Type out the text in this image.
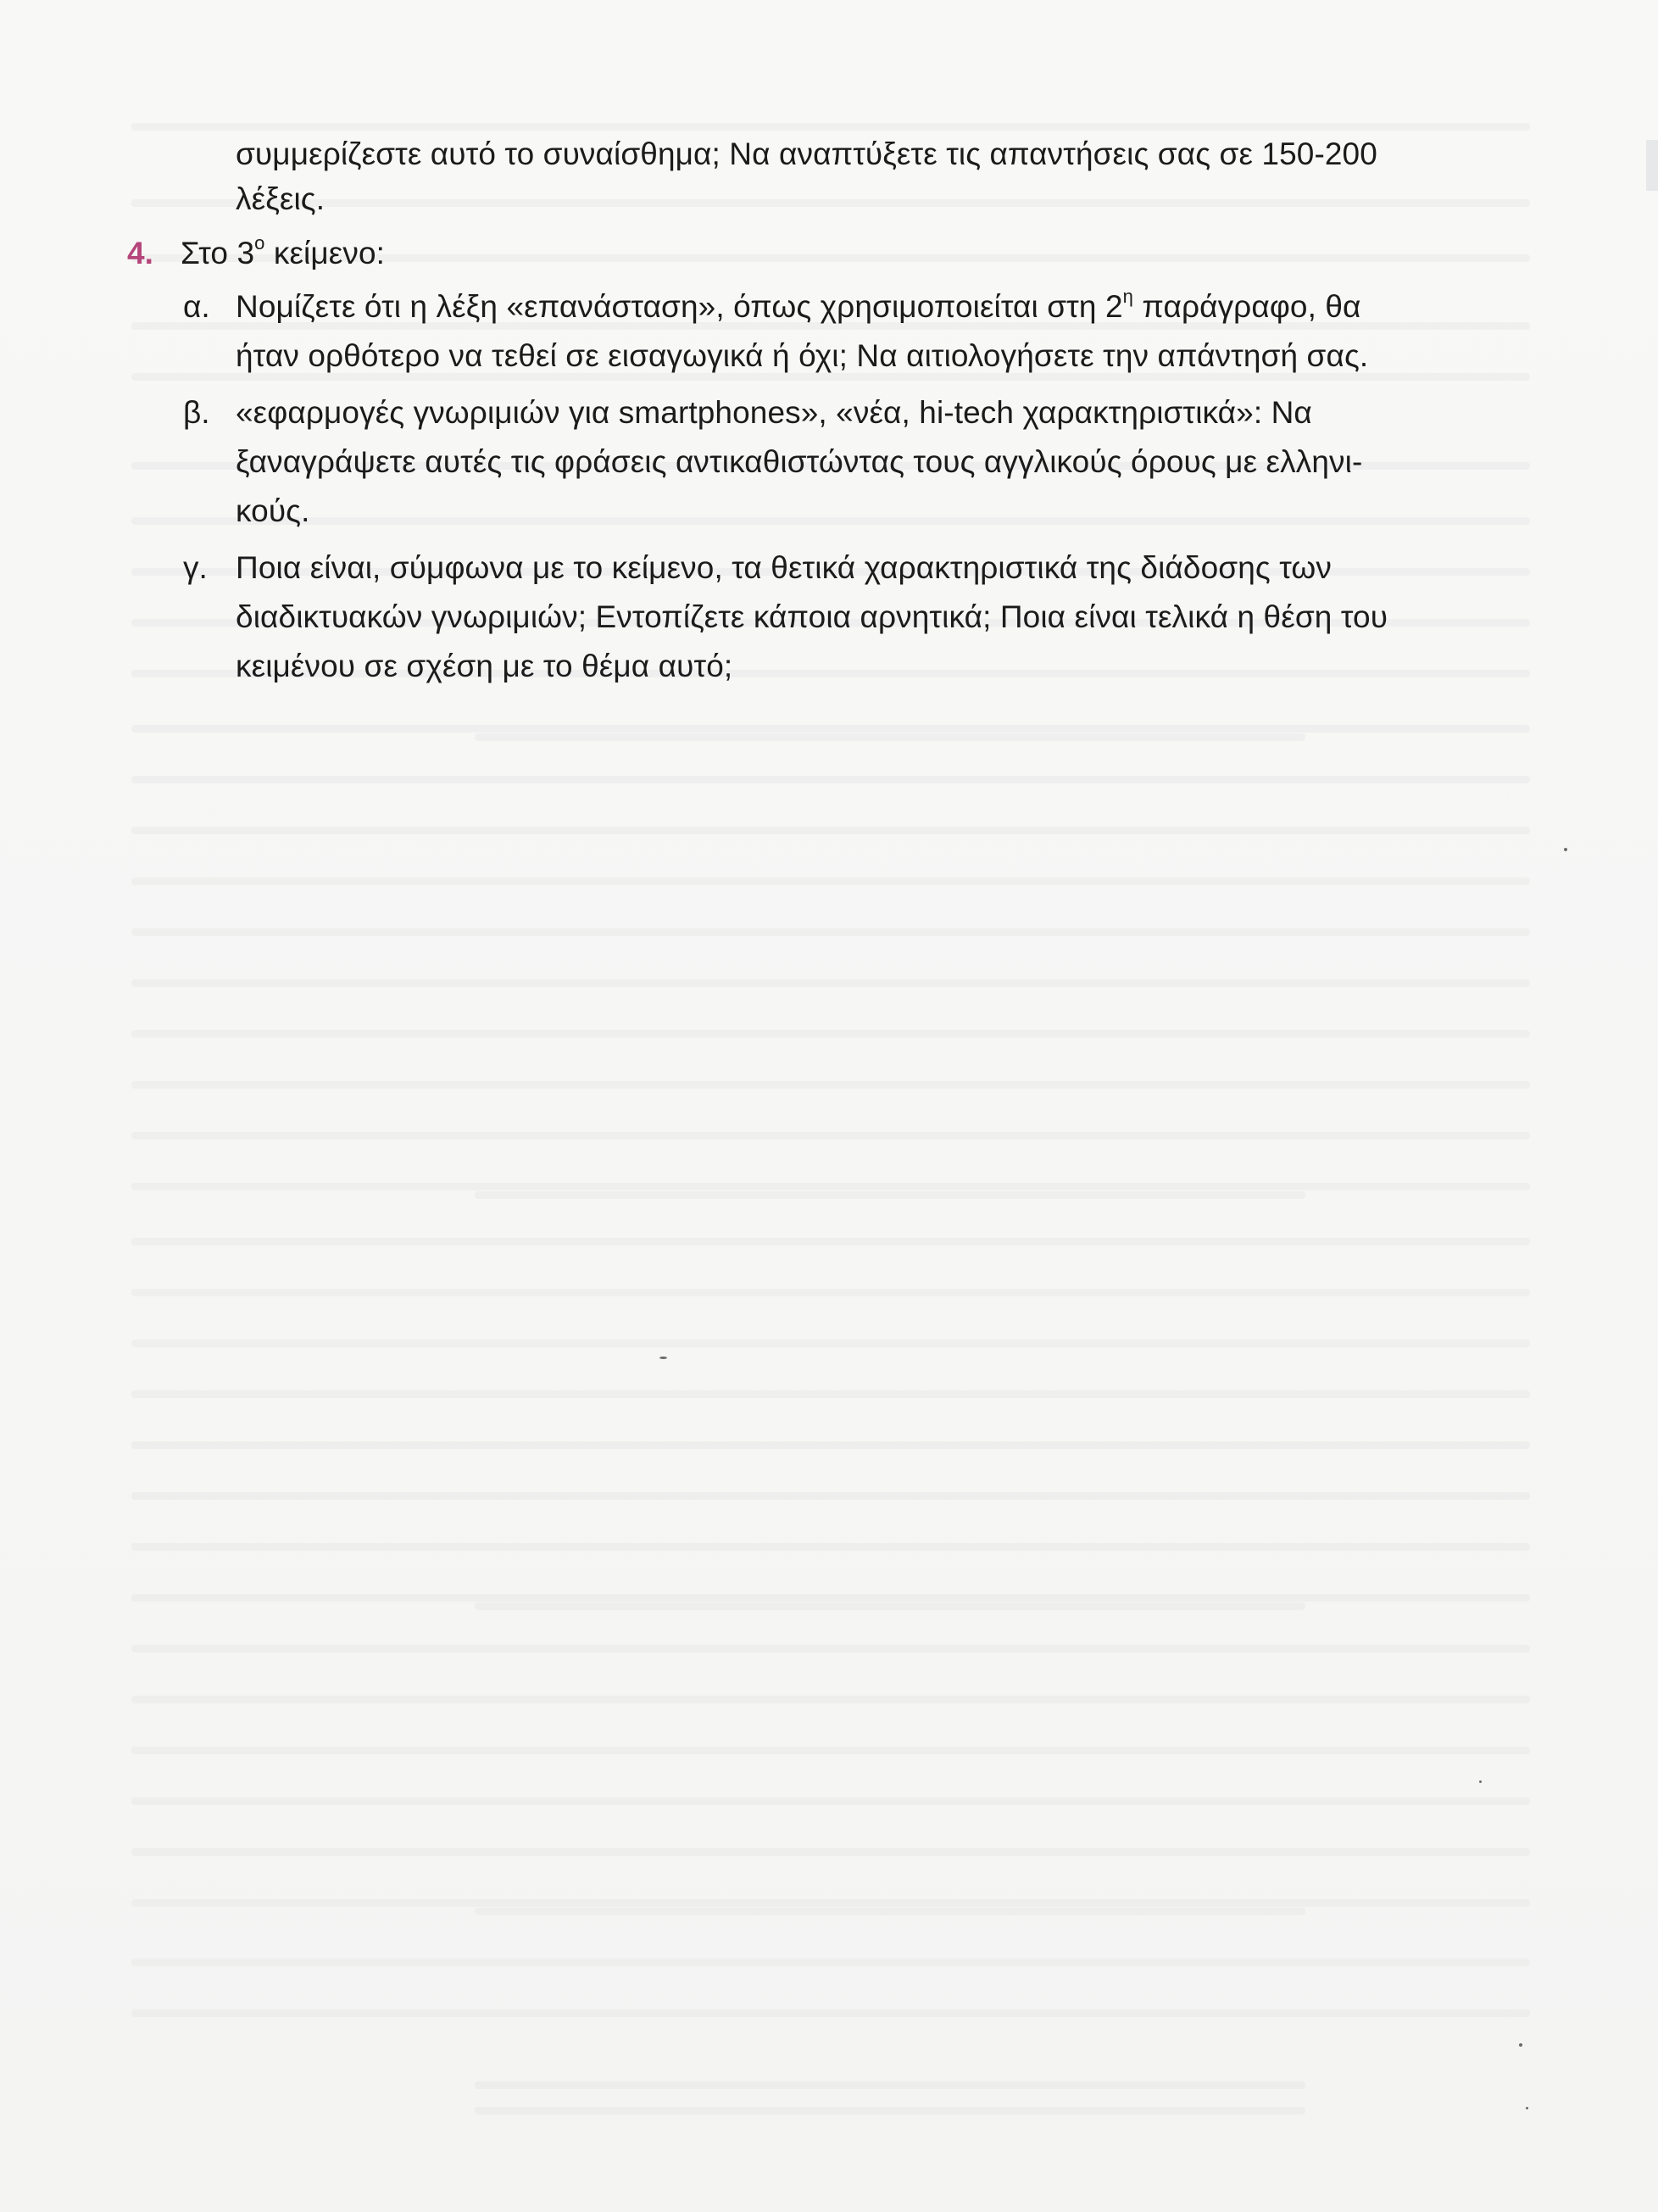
συμμερίζεστε αυτό το συναίσθημα; Να αναπτύξετε τις απαντήσεις σας σε 150-200
λέξεις.
4. Στο $3^o$ κείμενο:
α. Νομίζετε ότι η λέξη «επανάσταση», όπως χρησιμοποιείται στη $2^\eta$ παράγραφο, θα
ήταν ορθότερο να τεθεί σε εισαγωγικά ή όχι; Να αιτιολογήσετε την απάντησή σας.
β. «εφαρμογές γνωριμιών για smartphones», «νέα, hi-tech χαρακτηριστικά»: Να
ξαναγράψετε αυτές τις φράσεις αντικαθιστώντας τους αγγλικούς όρους με ελληνι-
κούς.
γ. Ποια είναι, σύμφωνα με το κείμενο, τα θετικά χαρακτηριστικά της διάδοσης των
διαδικτυακών γνωριμιών; Εντοπίζετε κάποια αρνητικά; Ποια είναι τελικά η θέση του
κειμένου σε σχέση με το θέμα αυτό;
